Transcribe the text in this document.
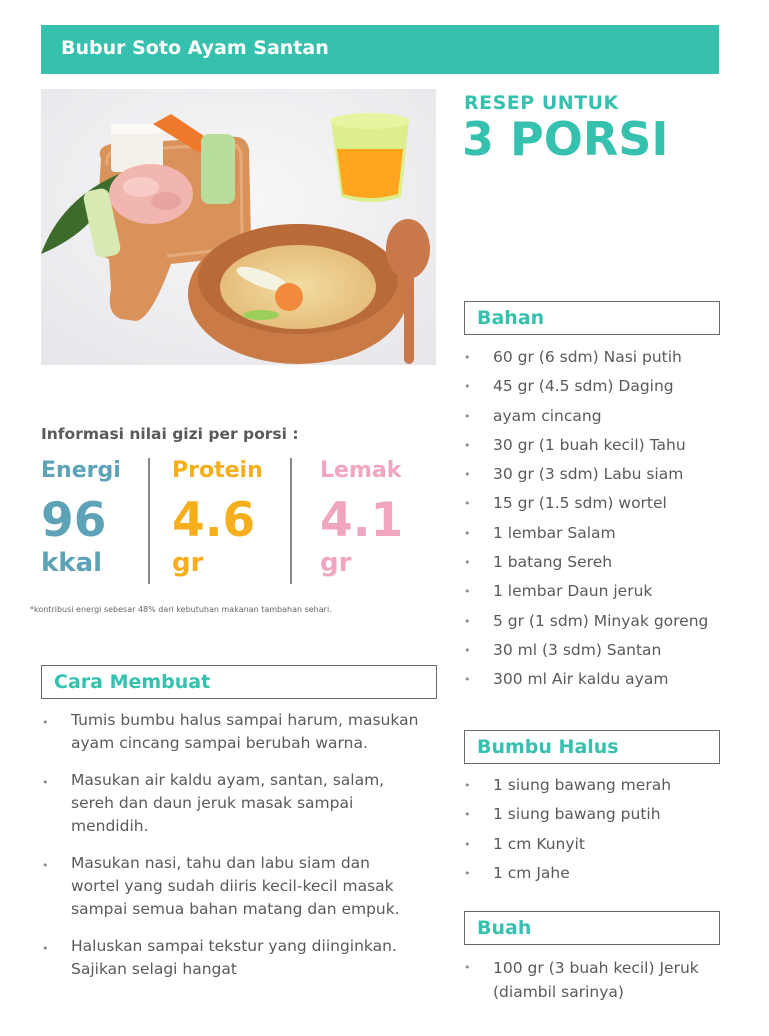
Bubur Soto Ayam Santan
RESEP UNTUK
3 PORSI
Bahan
• 60 gr (6 sdm) Nasi putih
• 45 gr (4.5 sdm) Daging
• ayam cincang
• 30 gr (1 buah kecil) Tahu
• 30 gr (3 sdm) Labu siam
• 15 gr (1.5 sdm) wortel
• 1 lembar Salam
• 1 batang Sereh
• 1 lembar Daun jeruk
• 5 gr (1 sdm) Minyak goreng
• 30 ml (3 sdm) Santan
• 300 ml Air kaldu ayam
Bumbu Halus
• 1 siung bawang merah
• 1 siung bawang putih
• 1 cm Kunyit
• 1 cm Jahe
Buah
• 100 gr (3 buah kecil) Jeruk (diambil sarinya)
Informasi nilai gizi per porsi :
Energi
96
kkal
Protein
4.6
gr
Lemak
4.1
gr
*kontribusi energi sebesar 48% dari kebutuhan makanan tambahan sehari.
Cara Membuat
• Tumis bumbu halus sampai harum, masukan ayam cincang sampai berubah warna.
• Masukan air kaldu ayam, santan, salam, sereh dan daun jeruk masak sampai mendidih.
• Masukan nasi, tahu dan labu siam dan wortel yang sudah diiris kecil-kecil masak sampai semua bahan matang dan empuk.
• Haluskan sampai tekstur yang diinginkan. Sajikan selagi hangat
